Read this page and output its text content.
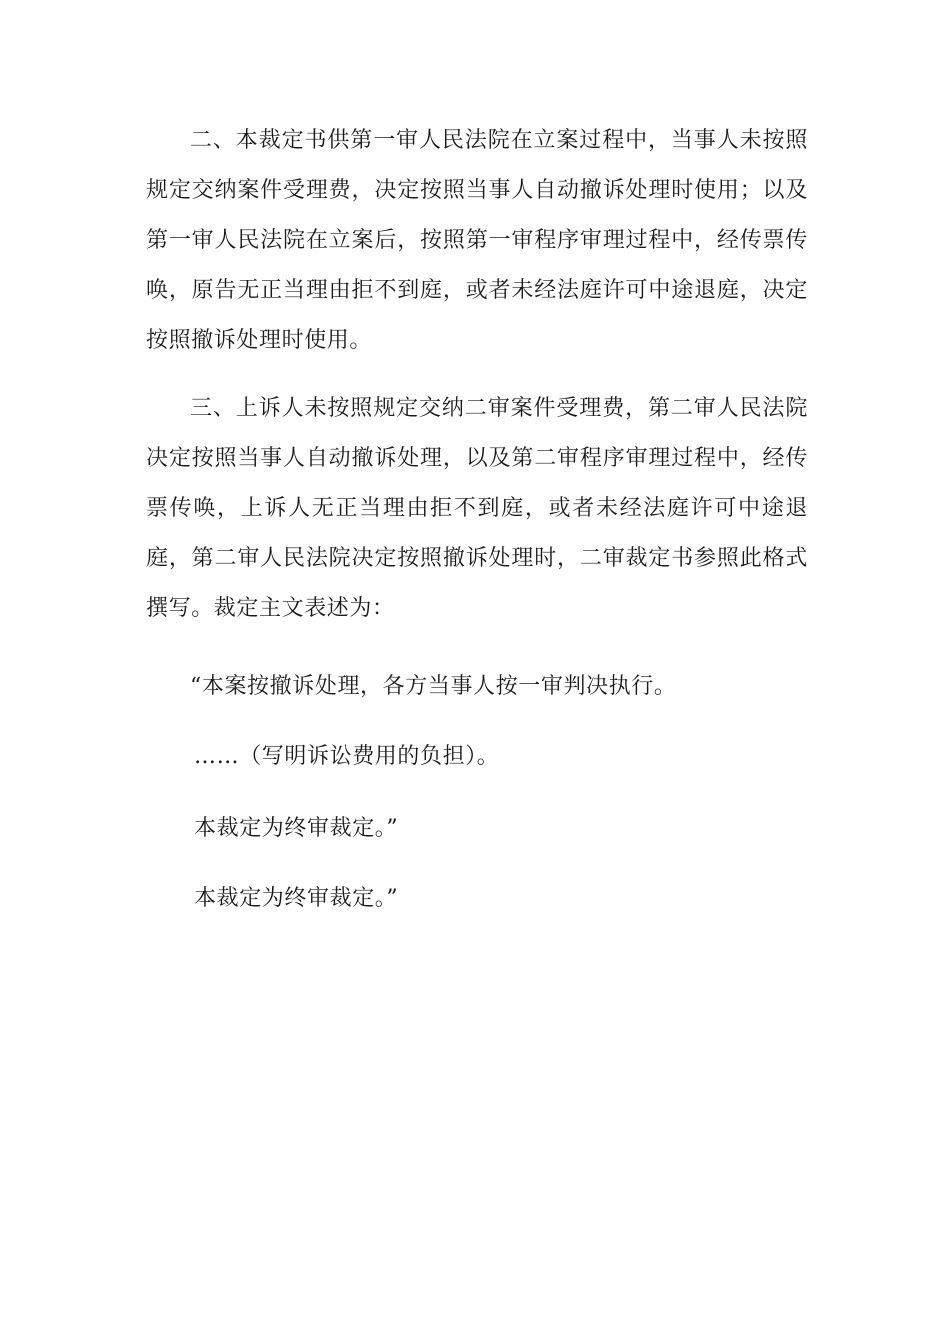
二、本裁定书供第一审人民法院在立案过程中，当事人未按照规定交纳案件受理费，决定按照当事人自动撤诉处理时使用；以及第一审人民法院在立案后，按照第一审程序审理过程中，经传票传唤，原告无正当理由拒不到庭，或者未经法庭许可中途退庭，决定按照撤诉处理时使用。

三、上诉人未按照规定交纳二审案件受理费，第二审人民法院决定按照当事人自动撤诉处理，以及第二审程序审理过程中，经传票传唤，上诉人无正当理由拒不到庭，或者未经法庭许可中途退庭，第二审人民法院决定按照撤诉处理时，二审裁定书参照此格式撰写。裁定主文表述为：

“本案按撤诉处理，各方当事人按一审判决执行。

……（写明诉讼费用的负担）。

本裁定为终审裁定。”

本裁定为终审裁定。”
